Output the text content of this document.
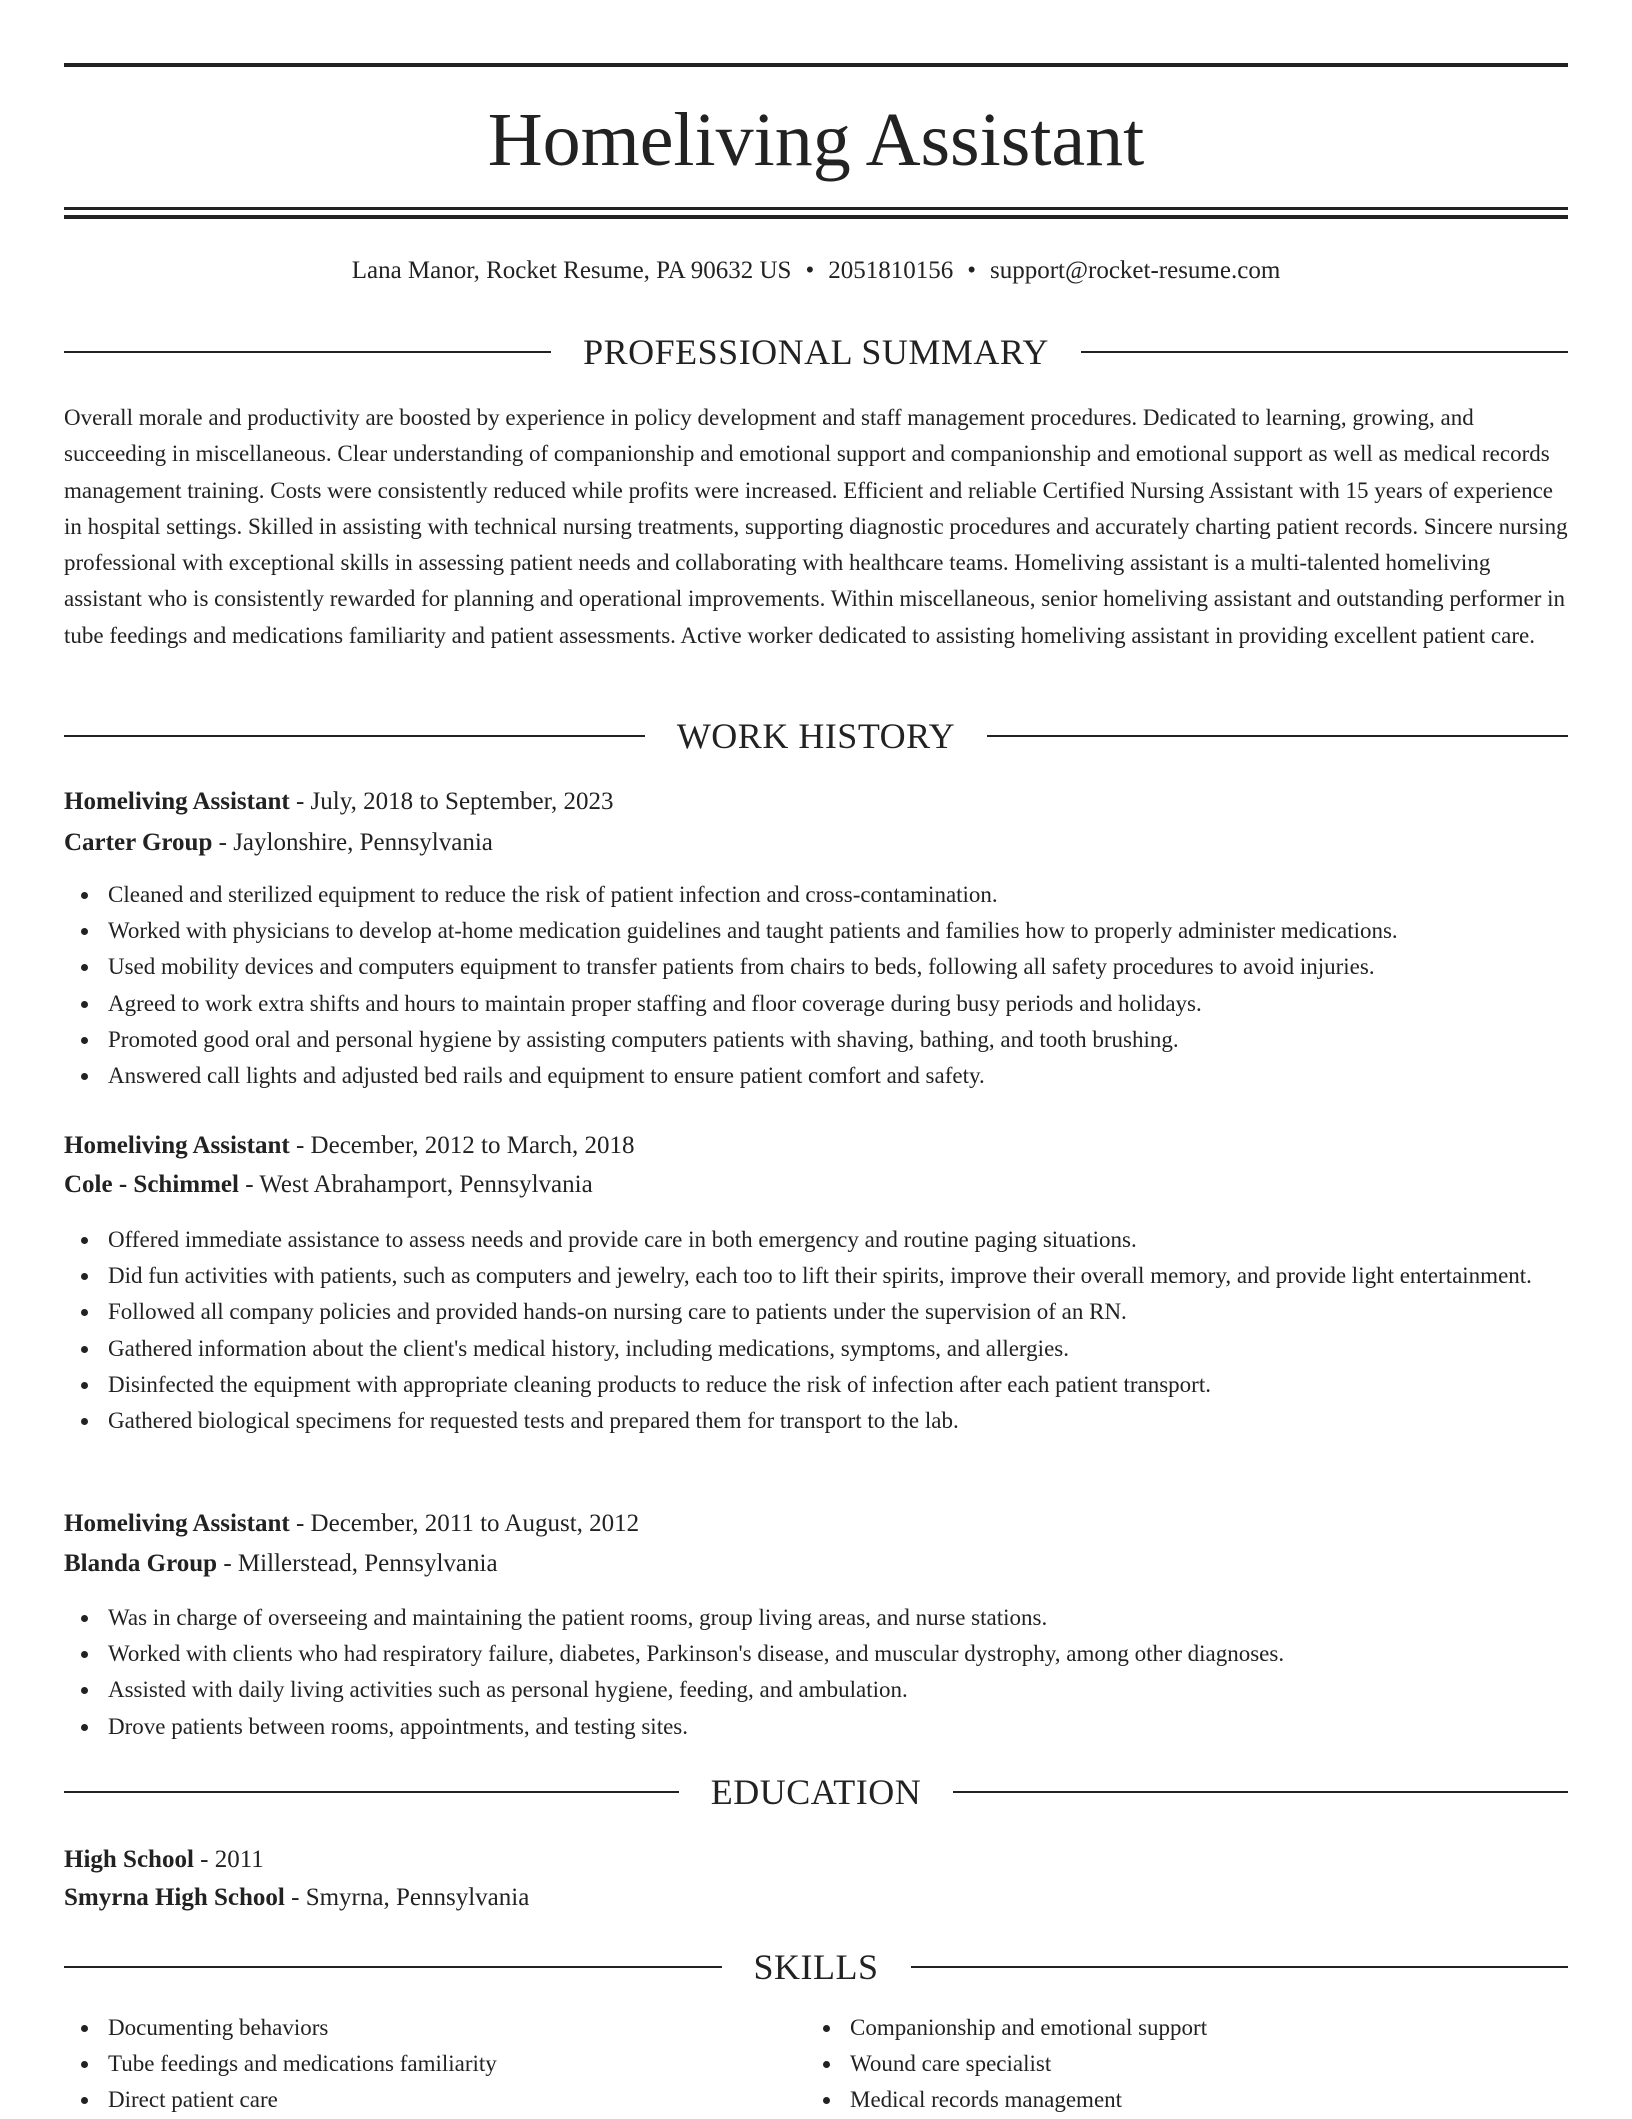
Homeliving Assistant
Lana Manor, Rocket Resume, PA 90632 US • 2051810156 • support@rocket-resume.com
PROFESSIONAL SUMMARY

Overall morale and productivity are boosted by experience in policy development and staff management procedures. Dedicated to learning, growing, and succeeding in miscellaneous. Clear understanding of companionship and emotional support and companionship and emotional support as well as medical records management training. Costs were consistently reduced while profits were increased. Efficient and reliable Certified Nursing Assistant with 15 years of experience in hospital settings. Skilled in assisting with technical nursing treatments, supporting diagnostic procedures and accurately charting patient records. Sincere nursing professional with exceptional skills in assessing patient needs and collaborating with healthcare teams. Homeliving assistant is a multi-talented homeliving assistant who is consistently rewarded for planning and operational improvements. Within miscellaneous, senior homeliving assistant and outstanding performer in tube feedings and medications familiarity and patient assessments. Active worker dedicated to assisting homeliving assistant in providing excellent patient care.

WORK HISTORY
Homeliving Assistant - July, 2018 to September, 2023
Carter Group - Jaylonshire, Pennsylvania
Cleaned and sterilized equipment to reduce the risk of patient infection and cross-contamination.
Worked with physicians to develop at-home medication guidelines and taught patients and families how to properly administer medications.
Used mobility devices and computers equipment to transfer patients from chairs to beds, following all safety procedures to avoid injuries.
Agreed to work extra shifts and hours to maintain proper staffing and floor coverage during busy periods and holidays.
Promoted good oral and personal hygiene by assisting computers patients with shaving, bathing, and tooth brushing.
Answered call lights and adjusted bed rails and equipment to ensure patient comfort and safety.
Homeliving Assistant - December, 2012 to March, 2018
Cole - Schimmel - West Abrahamport, Pennsylvania
Offered immediate assistance to assess needs and provide care in both emergency and routine paging situations.
Did fun activities with patients, such as computers and jewelry, each too to lift their spirits, improve their overall memory, and provide light entertainment.
Followed all company policies and provided hands-on nursing care to patients under the supervision of an RN.
Gathered information about the client's medical history, including medications, symptoms, and allergies.
Disinfected the equipment with appropriate cleaning products to reduce the risk of infection after each patient transport.
Gathered biological specimens for requested tests and prepared them for transport to the lab.
Homeliving Assistant - December, 2011 to August, 2012
Blanda Group - Millerstead, Pennsylvania
Was in charge of overseeing and maintaining the patient rooms, group living areas, and nurse stations.
Worked with clients who had respiratory failure, diabetes, Parkinson's disease, and muscular dystrophy, among other diagnoses.
Assisted with daily living activities such as personal hygiene, feeding, and ambulation.
Drove patients between rooms, appointments, and testing sites.
EDUCATION
High School - 2011
Smyrna High School - Smyrna, Pennsylvania
SKILLS
Documenting behaviors
Tube feedings and medications familiarity
Direct patient care
Companionship and emotional support
Wound care specialist
Medical records management
